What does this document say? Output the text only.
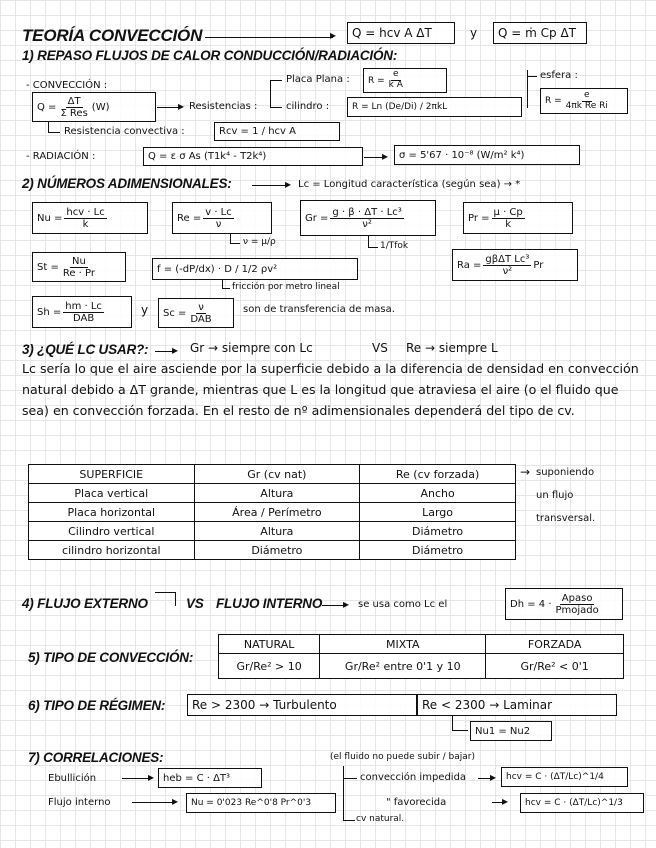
TEORÍA CONVECCIÓN	▸	Q = hcv A ΔT	y	Q = ṁ Cp ΔT
1) REPASO FLUJOS DE CALOR CONDUCCIÓN/RADIACIÓN:
- CONVECCIÓN :
$Q = \frac{\Delta T}{\text{Σ Res}} (W)$	▸ Resistencias :
Placa Plana : $R = \frac{e}{\text{k A}}$
cilindro :	R = Ln (De/Di) / 2πkL
esfera :
$R = \frac{e}{\text{4πk Re Ri}}$
Resistencia convectiva :	Rcv = 1 / hcv A
- RADIACIÓN :	Q = ε σ As (T1k⁴ - T2k⁴)	▸	σ = 5'67 · 10⁻⁸ (W/m² k⁴)
2) NÚMEROS ADIMENSIONALES:	▸ Lc = Longitud característica (según sea) → *
$Nu = \frac{\text{hcv · Lc}}{k}$	$Re = \frac{v \cdot Lc}{\nu}$
ν = μ/ρ
$Gr = \frac{\text{g · β · ΔT · Lc³}}{\text{ν²}}$
1/Tfok
$Pr = \frac{\mu \cdot Cp}{k}$
$St = \frac{Nu}{Re \cdot Pr}$	f = (-dP/dx) · D / 1/2 ρv²
fricción por metro lineal
$Ra = \frac{\text{gβΔT Lc³}}{\text{ν²}}$ Pr
$Sh = \frac{hm \cdot Lc}{\text{DAB}}$	y $Sc = \frac{\nu}{\text{DAB}}$	son de transferencia de masa.
3) ¿QUÉ LC USAR?: ▸ Gr → siempre con Lc	VS Re → siempre L
Lc sería lo que el aire asciende por la superficie debido a la diferencia de densidad en convección natural debido a ΔT grande, mientras que L es la longitud que atraviesa el aire (o el fluido que sea) en convección forzada. En el resto de nº adimensionales dependerá del tipo de cv.
SUPERFICIE	Gr (cv nat)	Re (cv forzada)
Placa vertical	Altura	Ancho
Placa horizontal	Área / Perímetro	Largo
Cilindro vertical	Altura	Diámetro
cilindro horizontal	Diámetro	Diámetro
→ suponiendo
un flujo
transversal.
4) FLUJO EXTERNO	VS FLUJO INTERNO ▸ se usa como Lc el	$Dh = 4 \cdot \frac{\text{Apaso}}{\text{Pmojado}}$
5) TIPO DE CONVECCIÓN:
NATURAL	MIXTA	FORZADA
Gr/Re² > 10	Gr/Re² entre 0'1 y 10	Gr/Re² < 0'1
6) TIPO DE RÉGIMEN:	Re > 2300 → Turbulento	Re < 2300 → Laminar
Nu1 = Nu2
7) CORRELACIONES:
Ebullición	▸ heb = C · ΔT³
Flujo interno	▸	Nu = 0'023 Re^0'8 Pr^0'3
(el fluido no puede subir / bajar)
convección impedida ▸	hcv = C · (ΔT/Lc)^1/4
" favorecida	▸	hcv = C · (ΔT/Lc)^1/3
cv natural.
